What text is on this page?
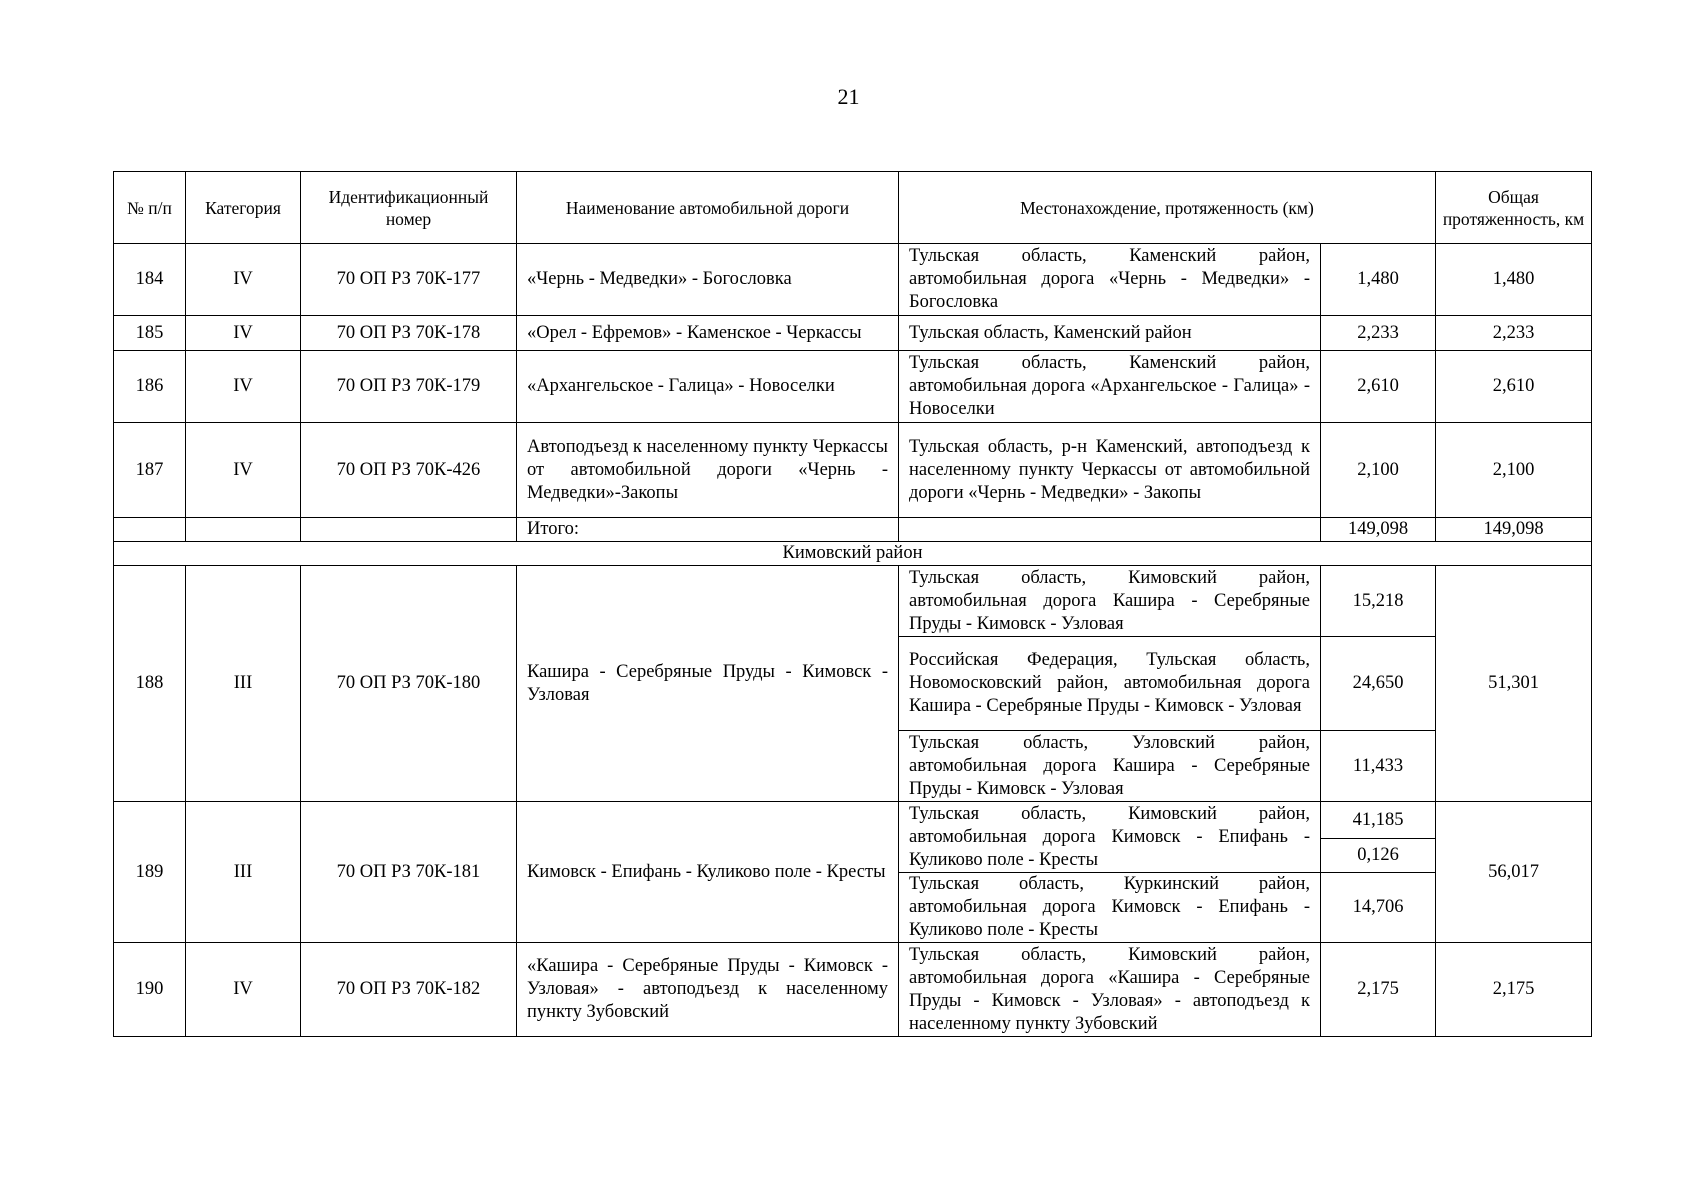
21
№ п/п	Категория	Идентификационный номер	Наименование автомобильной дороги	Местонахождение, протяженность (км)		Общая протяженность, км
184	IV	70 ОП РЗ 70К-177	«Чернь - Медведки» - Богословка	Тульская область, Каменский район, автомобильная дорога «Чернь - Медведки» - Богословка	1,480	1,480
185	IV	70 ОП РЗ 70К-178	«Орел - Ефремов» - Каменское - Черкассы	Тульская область, Каменский район	2,233	2,233
186	IV	70 ОП РЗ 70К-179	«Архангельское - Галица» - Новоселки	Тульская область, Каменский район, автомобильная дорога «Архангельское - Галица» - Новоселки	2,610	2,610
187	IV	70 ОП РЗ 70К-426	Автоподъезд к населенному пункту Черкассы от автомобильной дороги «Чернь - Медведки»-Закопы	Тульская область, р-н Каменский, автоподъезд к населенному пункту Черкассы от автомобильной дороги «Чернь - Медведки» - Закопы	2,100	2,100
			Итого:		149,098	149,098
Кимовский район						
188	III	70 ОП РЗ 70К-180	Кашира - Серебряные Пруды - Кимовск - Узловая	Тульская область, Кимовский район, автомобильная дорога Кашира - Серебряные Пруды - Кимовск - Узловая	15,218	51,301
				Российская Федерация, Тульская область, Новомосковский район, автомобильная дорога Кашира - Серебряные Пруды - Кимовск - Узловая	24,650	
				Тульская область, Узловский район, автомобильная дорога Кашира - Серебряные Пруды - Кимовск - Узловая	11,433	
189	III	70 ОП РЗ 70К-181	Кимовск - Епифань - Куликово поле - Кресты	Тульская область, Кимовский район, автомобильная дорога Кимовск - Епифань - Куликово поле - Кресты	41,185	56,017
					0,126	
				Тульская область, Куркинский район, автомобильная дорога Кимовск - Епифань - Куликово поле - Кресты	14,706	
190	IV	70 ОП РЗ 70К-182	«Кашира - Серебряные Пруды - Кимовск - Узловая» - автоподъезд к населенному пункту Зубовский	Тульская область, Кимовский район, автомобильная дорога «Кашира - Серебряные Пруды - Кимовск - Узловая» - автоподъезд к населенному пункту Зубовский	2,175	2,175
